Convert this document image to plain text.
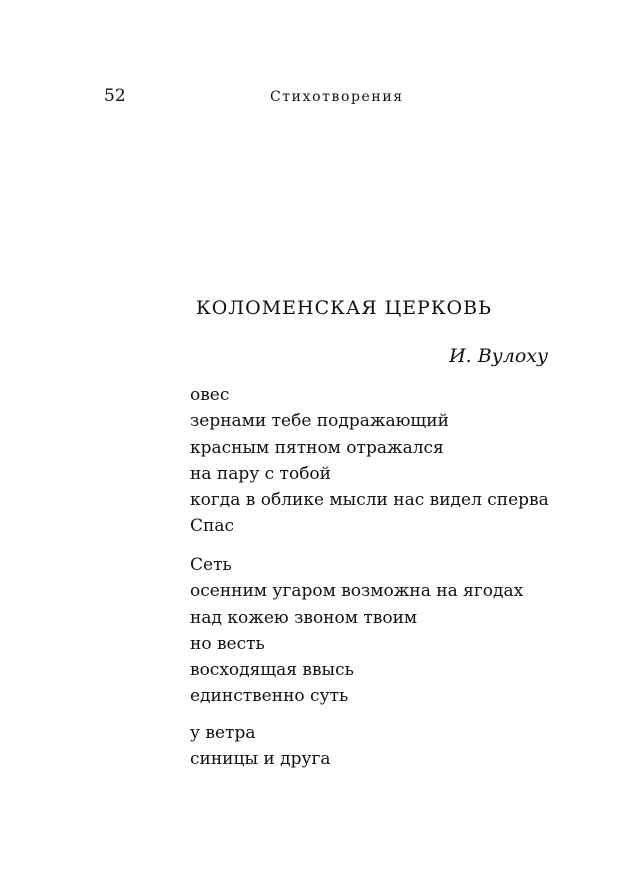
52	Стихотворения
КОЛОМЕНСКАЯ ЦЕРКОВЬ
И. Вулоху
овес
зернами тебе подражающий
красным пятном отражался
на пару с тобой
когда в облике мысли нас видел сперва
Спас
Сеть
осенним угаром возможна на ягодах
над кожею звоном твоим
но весть
восходящая ввысь
единственно суть
у ветра
синицы и друга
